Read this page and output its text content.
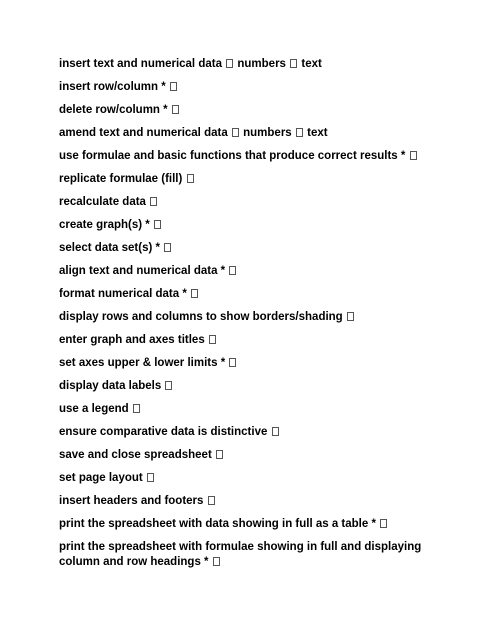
insert text and numerical data numbers text
insert row/column *
delete row/column *
amend text and numerical data numbers text
use formulae and basic functions that produce correct results *
replicate formulae (fill)
recalculate data
create graph(s) *
select data set(s) *
align text and numerical data *
format numerical data *
display rows and columns to show borders/shading
enter graph and axes titles
set axes upper & lower limits *
display data labels
use a legend
ensure comparative data is distinctive
save and close spreadsheet
set page layout
insert headers and footers
print the spreadsheet with data showing in full as a table *
print the spreadsheet with formulae showing in full and displaying column and row headings *
